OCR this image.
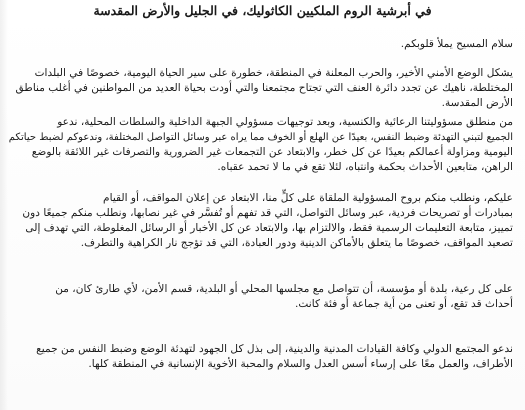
في أبرشية الروم الملكيين الكاثوليك، في الجليل والأرض المقدسة
سلام المسيح يملأ قلوبكم.
يشكل الوضع الأمني الأخير، والحرب المعلنة في المنطقة، خطورة على سير الحياة اليومية، خصوصًا في البلدات
المختلطة، ناهيك عن تجدد دائرة العنف التي تجتاح مجتمعنا والتي أودت بحياة العديد من المواطنين في أغلب مناطق
الأرض المقدسة.
من منطلق مسؤوليتنا الرعائية والكنسية، وبعد توجيهات مسؤولي الجبهة الداخلية والسلطات المحلية، ندعو
الجميع لتبني التهدئة وضبط النفس، بعيدًا عن الهلع أو الخوف مما يراه عبر وسائل التواصل المختلفة، وندعوكم لضبط حياتكم
اليومية ومزاولة أعمالكم بعيدًا عن كل خطر، والابتعاد عن التجمعات غير الضرورية والتصرفات غير اللائقة بالوضع
الراهن، متابعين الأحداث بحكمة وانتباه، لئلا تقع في ما لا تحمد عقباه.
عليكم، ونطلب منكم بروح المسؤولية الملقاة على كلٍّ منا، الابتعاد عن إعلان المواقف، أو القيام
بمبادرات أو تصريحات فردية، عبر وسائل التواصل، التي قد تفهم أو تُفسَّر في غير نصابها، ونطلب منكم جميعًا دون
تمييز، متابعة التعليمات الرسمية فقط، والالتزام بها، والابتعاد عن كل الأخبار أو الرسائل المغلوطة، التي تهدف إلى
تصعيد المواقف، خصوصًا ما يتعلق بالأماكن الدينية ودور العبادة، التي قد تؤجج نار الكراهية والتطرف.
على كل رعية، بلدة أو مؤسسة، أن تتواصل مع مجلسها المحلي أو البلدية، قسم الأمن، لأي طارئ كان، من
أحداث قد تقع، أو تعنى من أية جماعة أو فئة كانت.
ندعو المجتمع الدولي وكافة القيادات المدنية والدينية، إلى بذل كل الجهود لتهدئة الوضع وضبط النفس من جميع
الأطراف، والعمل معًا على إرساء أسس العدل والسلام والمحبة الأخوية الإنسانية في المنطقة كلها.
